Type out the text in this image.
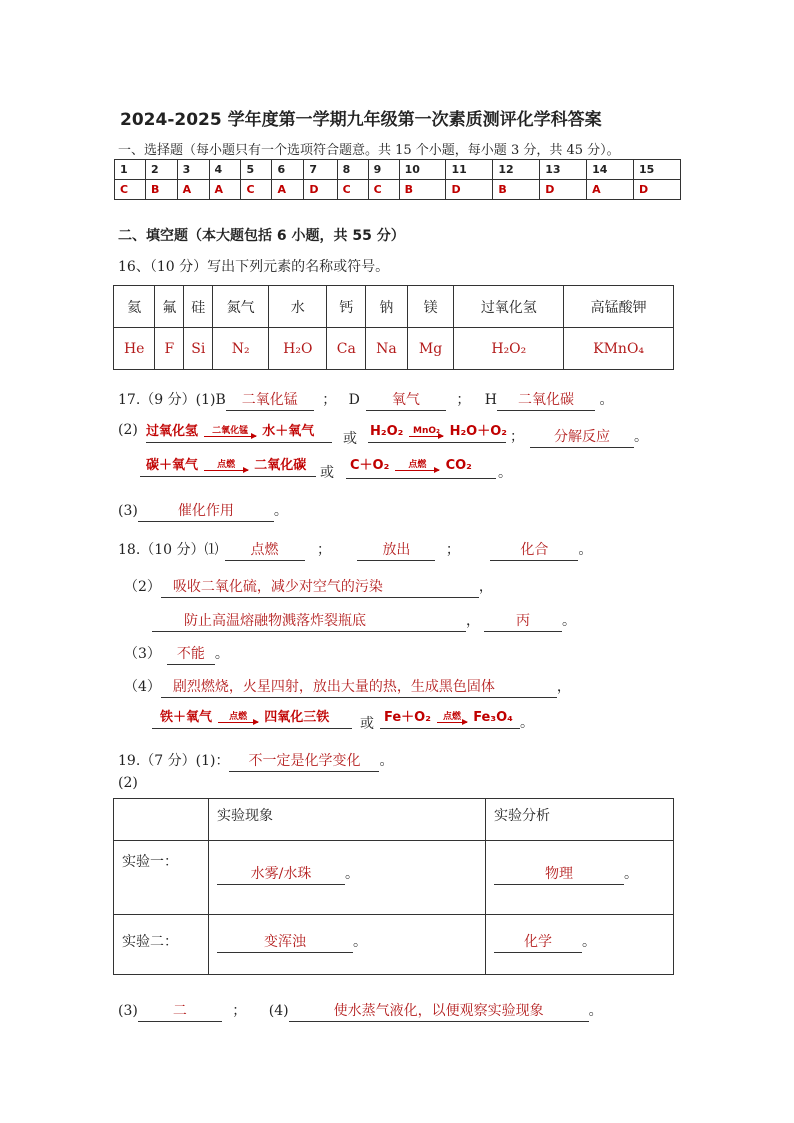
2024-2025 学年度第一学期九年级第一次素质测评化学科答案
一、选择题（每小题只有一个选项符合题意。共 15 个小题，每小题 3 分，共 45 分）。
1	2	3	4	5	6	7	8	9	10	11	12	13	14	15
C	B	A	A	C	A	D	C	C	B	D	B	D	A	D
二、填空题（本大题包括 6 小题，共 55 分）
16、（10 分）写出下列元素的名称或符号。
氦	氟	硅	氮气	水	钙	钠	镁	过氧化氢	高锰酸钾
He	F	Si	N₂	H₂O	Ca	Na	Mg	H₂O₂	KMnO₄
17.（9 分）(1)B 二氧化锰 ； D 氧气	； H 二氧化碳 。
(2) 过氧化氢	二氧化锰	水＋氧气 或 H₂O₂	MnO₂ H₂O＋O₂ ；	分解反应 。
碳＋氧气	点燃	二氧化碳 或 C＋O₂	点燃	CO₂ 。
(3)	催化作用	。
18.（10 分）⑴ 点燃	；	放出	；	化合 。
（2） 吸收二氧化硫，减少对空气的污染	，
防止高温熔融物溅落炸裂瓶底	，	丙 。
（3） 不能 。
（4） 剧烈燃烧，火星四射，放出大量的热，生成黑色固体	，
铁＋氧气	点燃	四氧化三铁 或 Fe＋O₂	点燃 Fe₃O₄ 。
19.（7 分）(1)： 不一定是化学变化 。
(2)
	实验现象	实验分析
实验一：	水雾/水珠 。	物理 。
实验二：	变浑浊 。	化学 。
(3)	二	； (4)	使水蒸气液化，以便观察实验现象	。
